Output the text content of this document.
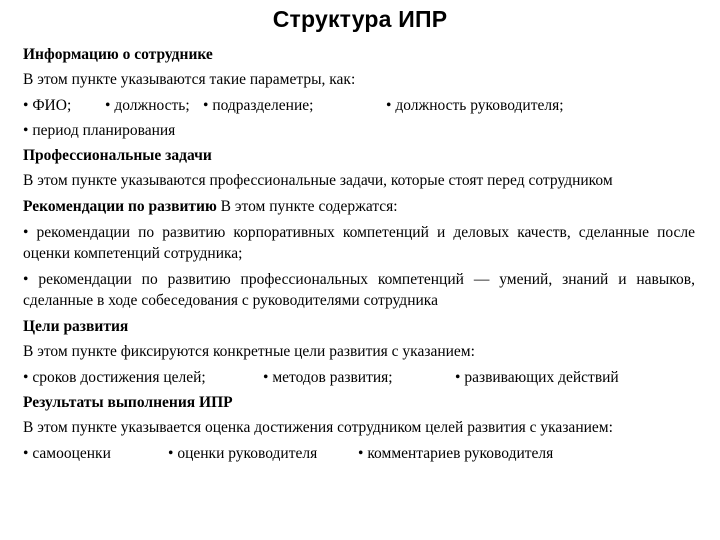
Структура ИПР
Информацию о сотруднике
В этом пункте указываются такие параметры, как:
• ФИО;	• должность;	• подразделение;	• должность руководителя;
• период планирования
Профессиональные задачи
В этом пункте указываются профессиональные задачи, которые стоят перед сотрудником
Рекомендации по развитию В этом пункте содержатся:
• рекомендации по развитию корпоративных компетенций и деловых качеств, сделанные после оценки компетенций сотрудника;
• рекомендации по развитию профессиональных компетенций — умений, знаний и навыков, сделанные в ходе собеседования с руководителями сотрудника
Цели развития
В этом пункте фиксируются конкретные цели развития с указанием:
• сроков достижения целей;	• методов развития;	• развивающих действий
Результаты выполнения ИПР
В этом пункте указывается оценка достижения сотрудником целей развития с указанием:
• самооценки	• оценки руководителя	• комментариев руководителя
